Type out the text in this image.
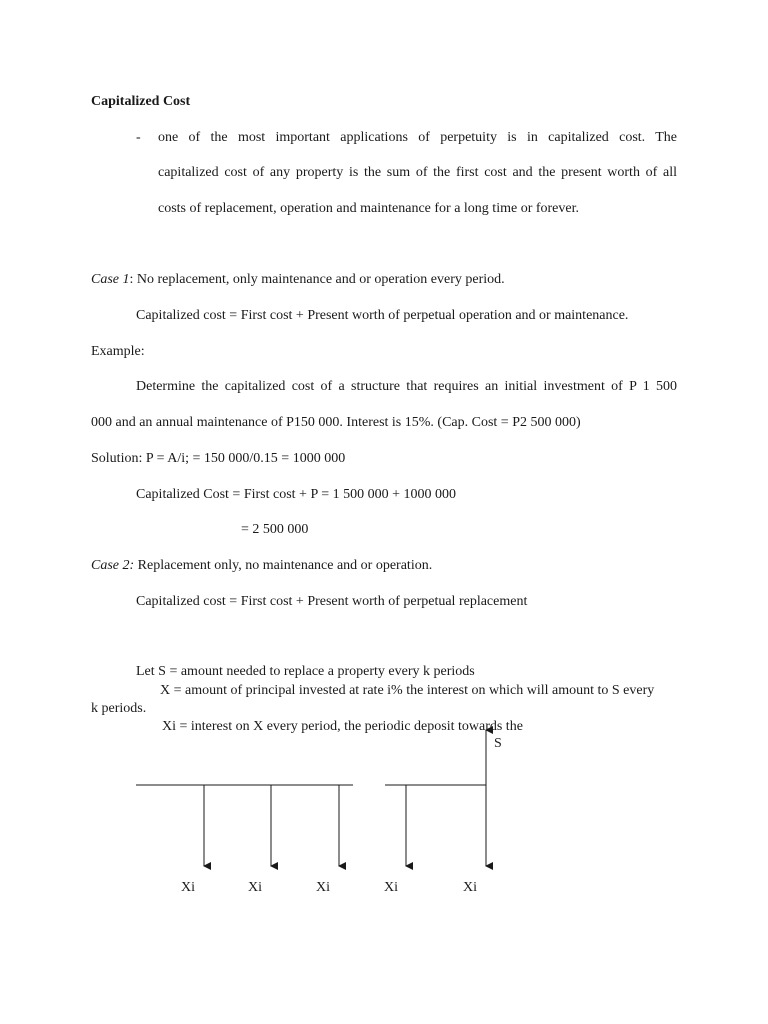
Capitalized Cost
- one of the most important applications of perpetuity is in capitalized cost. The
capitalized cost of any property is the sum of the first cost and the present worth of all
costs of replacement, operation and maintenance for a long time or forever.
Case 1: No replacement, only maintenance and or operation every period.
Capitalized cost = First cost + Present worth of perpetual operation and or maintenance.
Example:
Determine the capitalized cost of a structure that requires an initial investment of P 1 500
000 and an annual maintenance of P150 000. Interest is 15%. (Cap. Cost = P2 500 000)
Solution: P = A/i; = 150 000/0.15 = 1000 000
Capitalized Cost = First cost + P = 1 500 000 + 1000 000
= 2 500 000
Case 2: Replacement only, no maintenance and or operation.
Capitalized cost = First cost + Present worth of perpetual replacement
Let S = amount needed to replace a property every k periods
X = amount of principal invested at rate i% the interest on which will amount to S every
k periods.
Xi = interest on X every period, the periodic deposit towards the
S
Xi	Xi	Xi	Xi	Xi
